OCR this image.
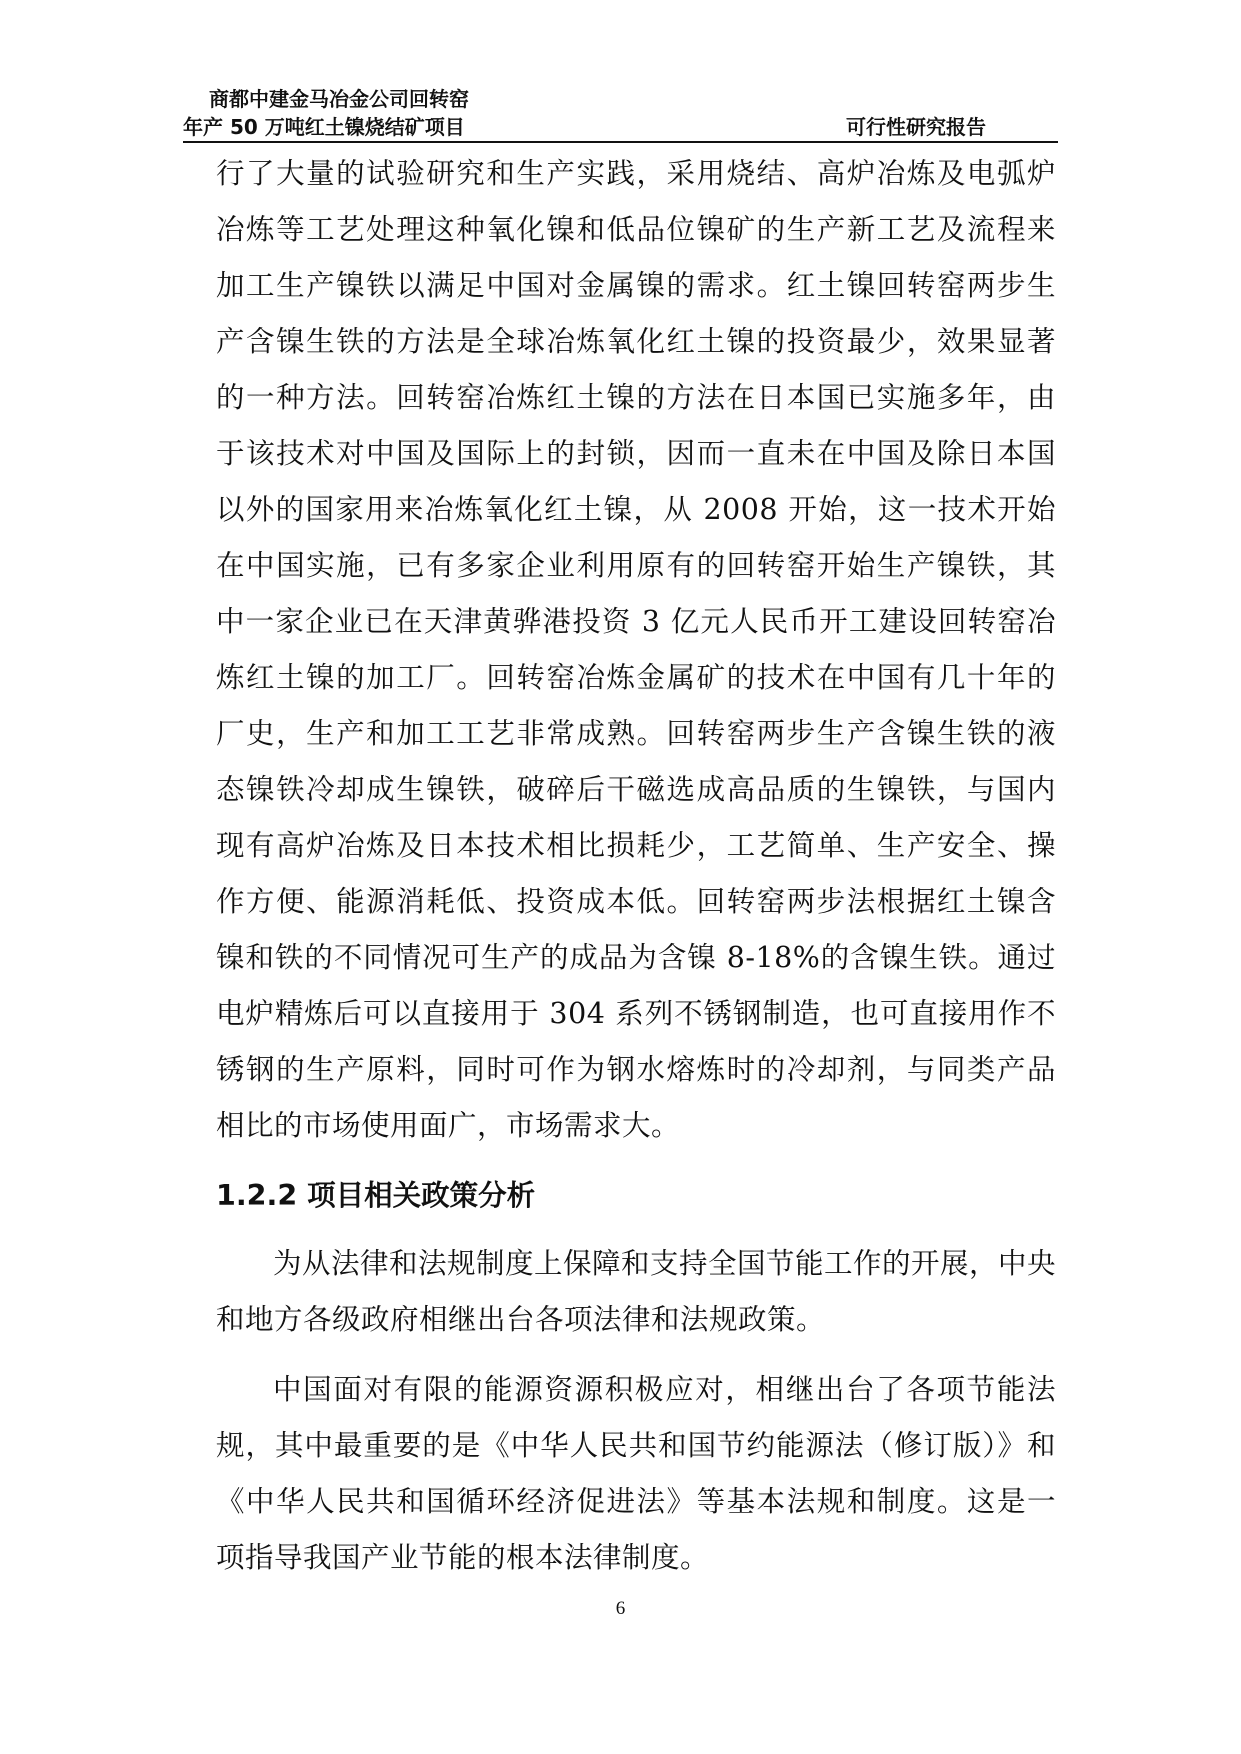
商都中建金马冶金公司回转窑
年产 50 万吨红土镍烧结矿项目	可行性研究报告

行了大量的试验研究和生产实践，采用烧结、高炉冶炼及电弧炉冶炼等工艺处理这种氧化镍和低品位镍矿的生产新工艺及流程来加工生产镍铁以满足中国对金属镍的需求。红土镍回转窑两步生产含镍生铁的方法是全球冶炼氧化红土镍的投资最少，效果显著的一种方法。回转窑冶炼红土镍的方法在日本国已实施多年，由于该技术对中国及国际上的封锁，因而一直未在中国及除日本国以外的国家用来冶炼氧化红土镍，从 2008 开始，这一技术开始在中国实施，已有多家企业利用原有的回转窑开始生产镍铁，其中一家企业已在天津黄骅港投资 3 亿元人民币开工建设回转窑冶炼红土镍的加工厂。回转窑冶炼金属矿的技术在中国有几十年的厂史，生产和加工工艺非常成熟。回转窑两步生产含镍生铁的液态镍铁冷却成生镍铁，破碎后干磁选成高品质的生镍铁，与国内现有高炉冶炼及日本技术相比损耗少，工艺简单、生产安全、操作方便、能源消耗低、投资成本低。回转窑两步法根据红土镍含镍和铁的不同情况可生产的成品为含镍 8-18%的含镍生铁。通过电炉精炼后可以直接用于 304 系列不锈钢制造，也可直接用作不锈钢的生产原料，同时可作为钢水熔炼时的冷却剂，与同类产品相比的市场使用面广，市场需求大。

1.2.2 项目相关政策分析

为从法律和法规制度上保障和支持全国节能工作的开展，中央和地方各级政府相继出台各项法律和法规政策。

中国面对有限的能源资源积极应对，相继出台了各项节能法规，其中最重要的是《中华人民共和国节约能源法（修订版）》和《中华人民共和国循环经济促进法》等基本法规和制度。这是一项指导我国产业节能的根本法律制度。

6
